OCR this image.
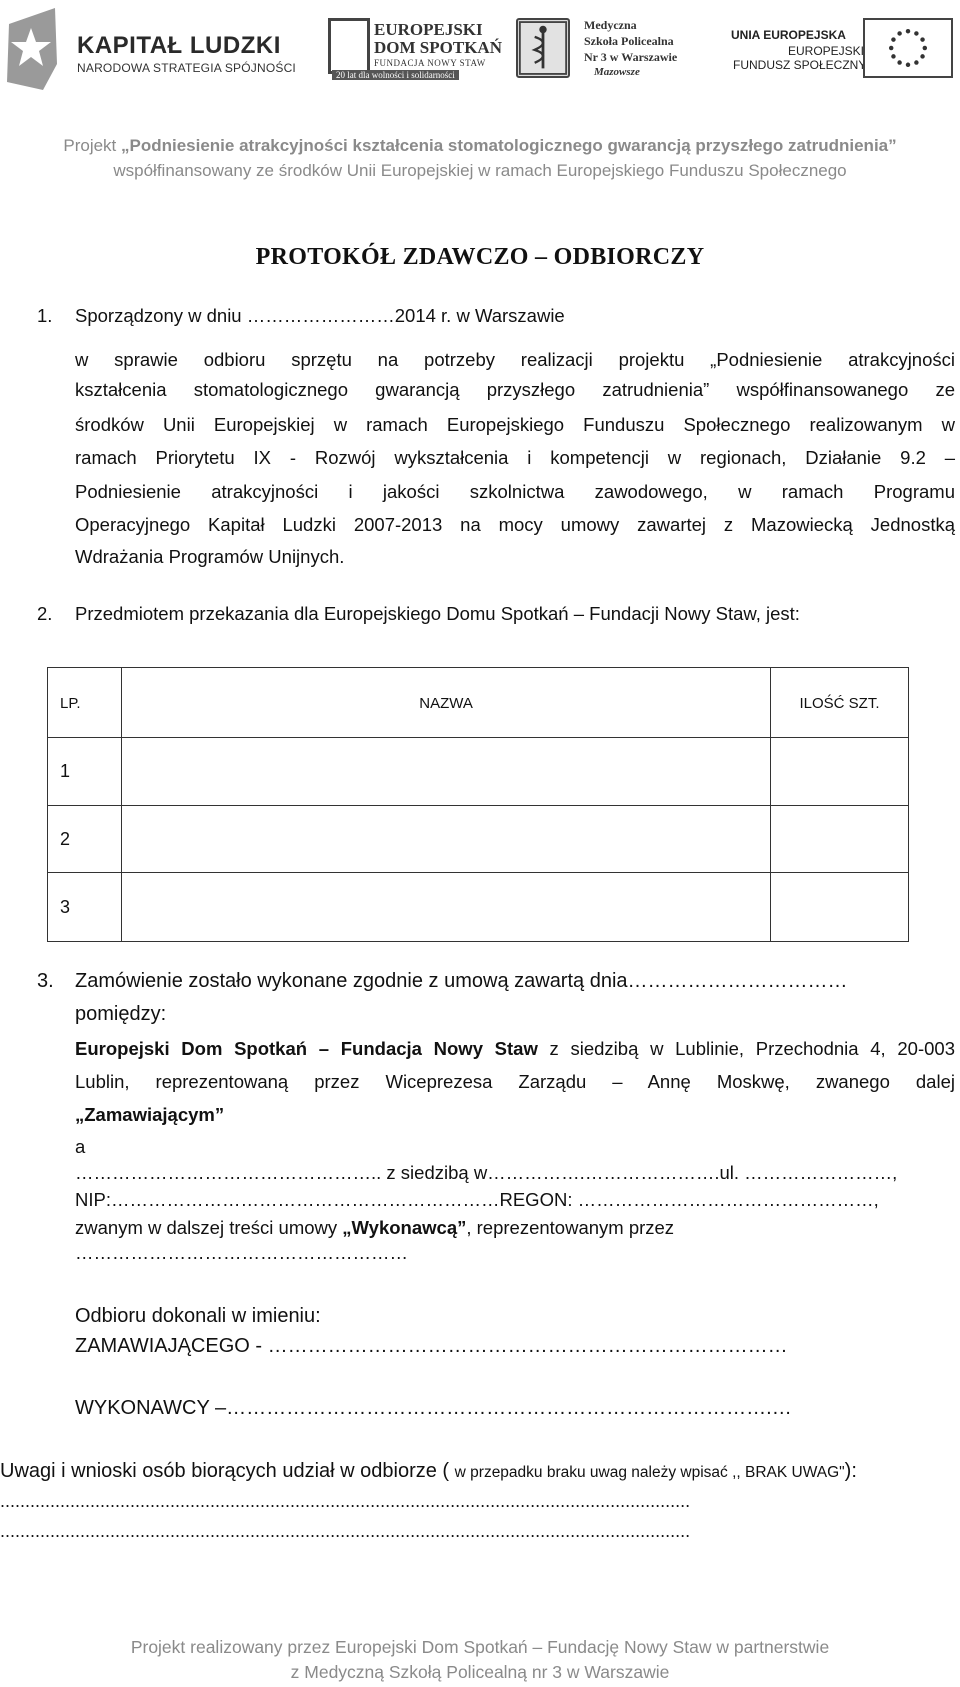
KAPITAŁ LUDZKI
NARODOWA STRATEGIA SPÓJNOŚCI
EUROPEJSKI
DOM SPOTKAŃ
FUNDACJA NOWY STAW
20 lat dla wolności i solidarności
Medyczna
Szkoła Policealna
Nr 3 w Warszawie
Mazowsze
UNIA EUROPEJSKA
EUROPEJSKI
FUNDUSZ SPOŁECZNY
Projekt „Podniesienie atrakcyjności kształcenia stomatologicznego gwarancją przyszłego zatrudnienia”
współfinansowany ze środków Unii Europejskiej w ramach Europejskiego Funduszu Społecznego
PROTOKÓŁ ZDAWCZO – ODBIORCZY
1. Sporządzony w dniu ……………………2014 r. w Warszawie
w sprawie odbioru sprzętu na potrzeby realizacji projektu „Podniesienie atrakcyjności
kształcenia stomatologicznego gwarancją przyszłego zatrudnienia” współfinansowanego ze
środków Unii Europejskiej w ramach Europejskiego Funduszu Społecznego realizowanym w
ramach Priorytetu IX - Rozwój wykształcenia i kompetencji w regionach, Działanie 9.2 –
Podniesienie atrakcyjności i jakości szkolnictwa zawodowego, w ramach Programu
Operacyjnego Kapitał Ludzki 2007-2013 na mocy umowy zawartej z Mazowiecką Jednostką
Wdrażania Programów Unijnych.
2. Przedmiotem przekazania dla Europejskiego Domu Spotkań – Fundacji Nowy Staw, jest:
LP.	NAZWA	ILOŚĆ SZT.
1		
2		
3		
3. Zamówienie zostało wykonane zgodnie z umową zawartą dnia……………………………
pomiędzy:
Europejski Dom Spotkań – Fundacja Nowy Staw z siedzibą w Lublinie, Przechodnia 4, 20-003
Lublin, reprezentowaną przez Wiceprezesa Zarządu – Annę Moskwę, zwanego dalej
„Zamawiającym”
a
………………………………………….. z siedzibą w…………….………………….ul. ……………………,
NIP:………………………………………………………REGON: …………………………………………,
zwanym w dalszej treści umowy „Wykonawcą”, reprezentowanym przez
………………………………………………
Odbioru dokonali w imieniu:
ZAMAWIAJĄCEGO - ……………………………………………………………………
WYKONAWCY –……………………………………………………………………….…
Uwagi i wnioski osób biorących udział w odbiorze ( w przepadku braku uwag należy wpisać ,, BRAK UWAG"):
..........................................................................................................................................
..........................................................................................................................................
Projekt realizowany przez Europejski Dom Spotkań – Fundację Nowy Staw w partnerstwie
z Medyczną Szkołą Policealną nr 3 w Warszawie
